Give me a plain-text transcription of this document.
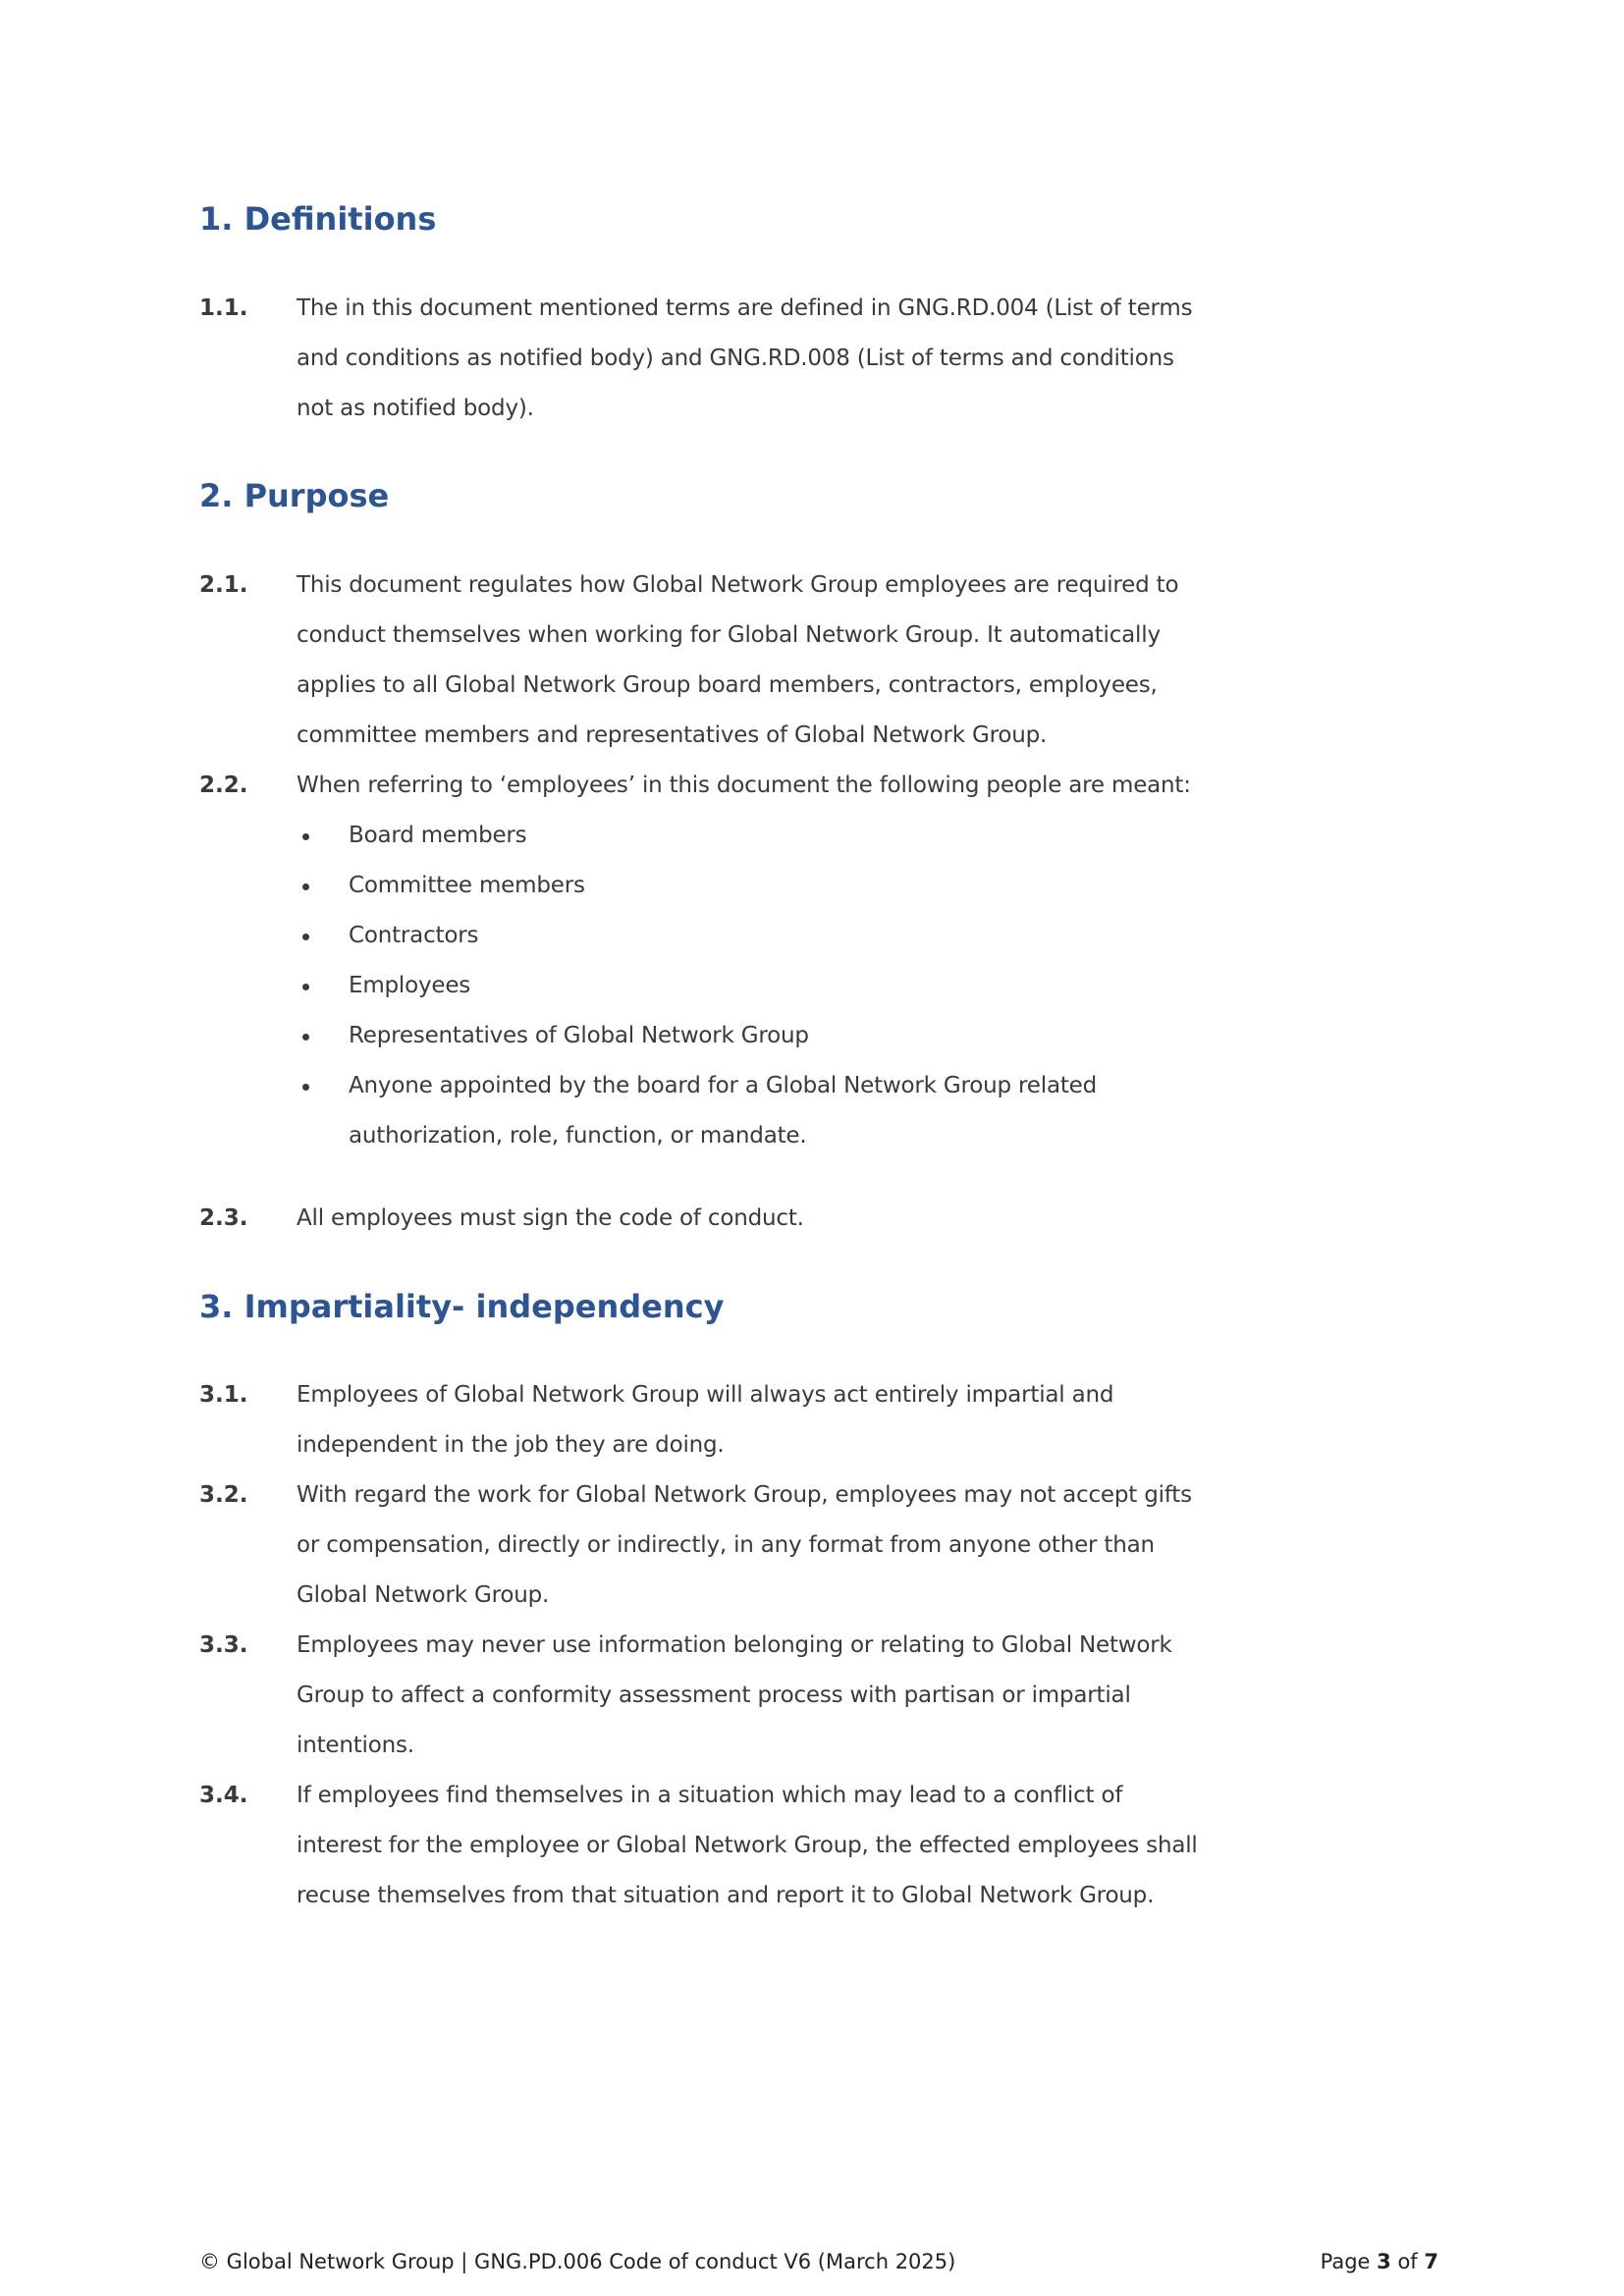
1. Definitions
1.1. The in this document mentioned terms are defined in GNG.RD.004 (List of terms
and conditions as notified body) and GNG.RD.008 (List of terms and conditions
not as notified body).
2. Purpose
2.1. This document regulates how Global Network Group employees are required to
conduct themselves when working for Global Network Group. It automatically
applies to all Global Network Group board members, contractors, employees,
committee members and representatives of Global Network Group.
2.2. When referring to ‘employees’ in this document the following people are meant:
Board members
Committee members
Contractors
Employees
Representatives of Global Network Group
Anyone appointed by the board for a Global Network Group related
authorization, role, function, or mandate.
2.3. All employees must sign the code of conduct.
3. Impartiality- independency
3.1. Employees of Global Network Group will always act entirely impartial and
independent in the job they are doing.
3.2. With regard the work for Global Network Group, employees may not accept gifts
or compensation, directly or indirectly, in any format from anyone other than
Global Network Group.
3.3. Employees may never use information belonging or relating to Global Network
Group to affect a conformity assessment process with partisan or impartial
intentions.
3.4. If employees find themselves in a situation which may lead to a conflict of
interest for the employee or Global Network Group, the effected employees shall
recuse themselves from that situation and report it to Global Network Group.
© Global Network Group | GNG.PD.006 Code of conduct V6 (March 2025)	Page 3 of 7
